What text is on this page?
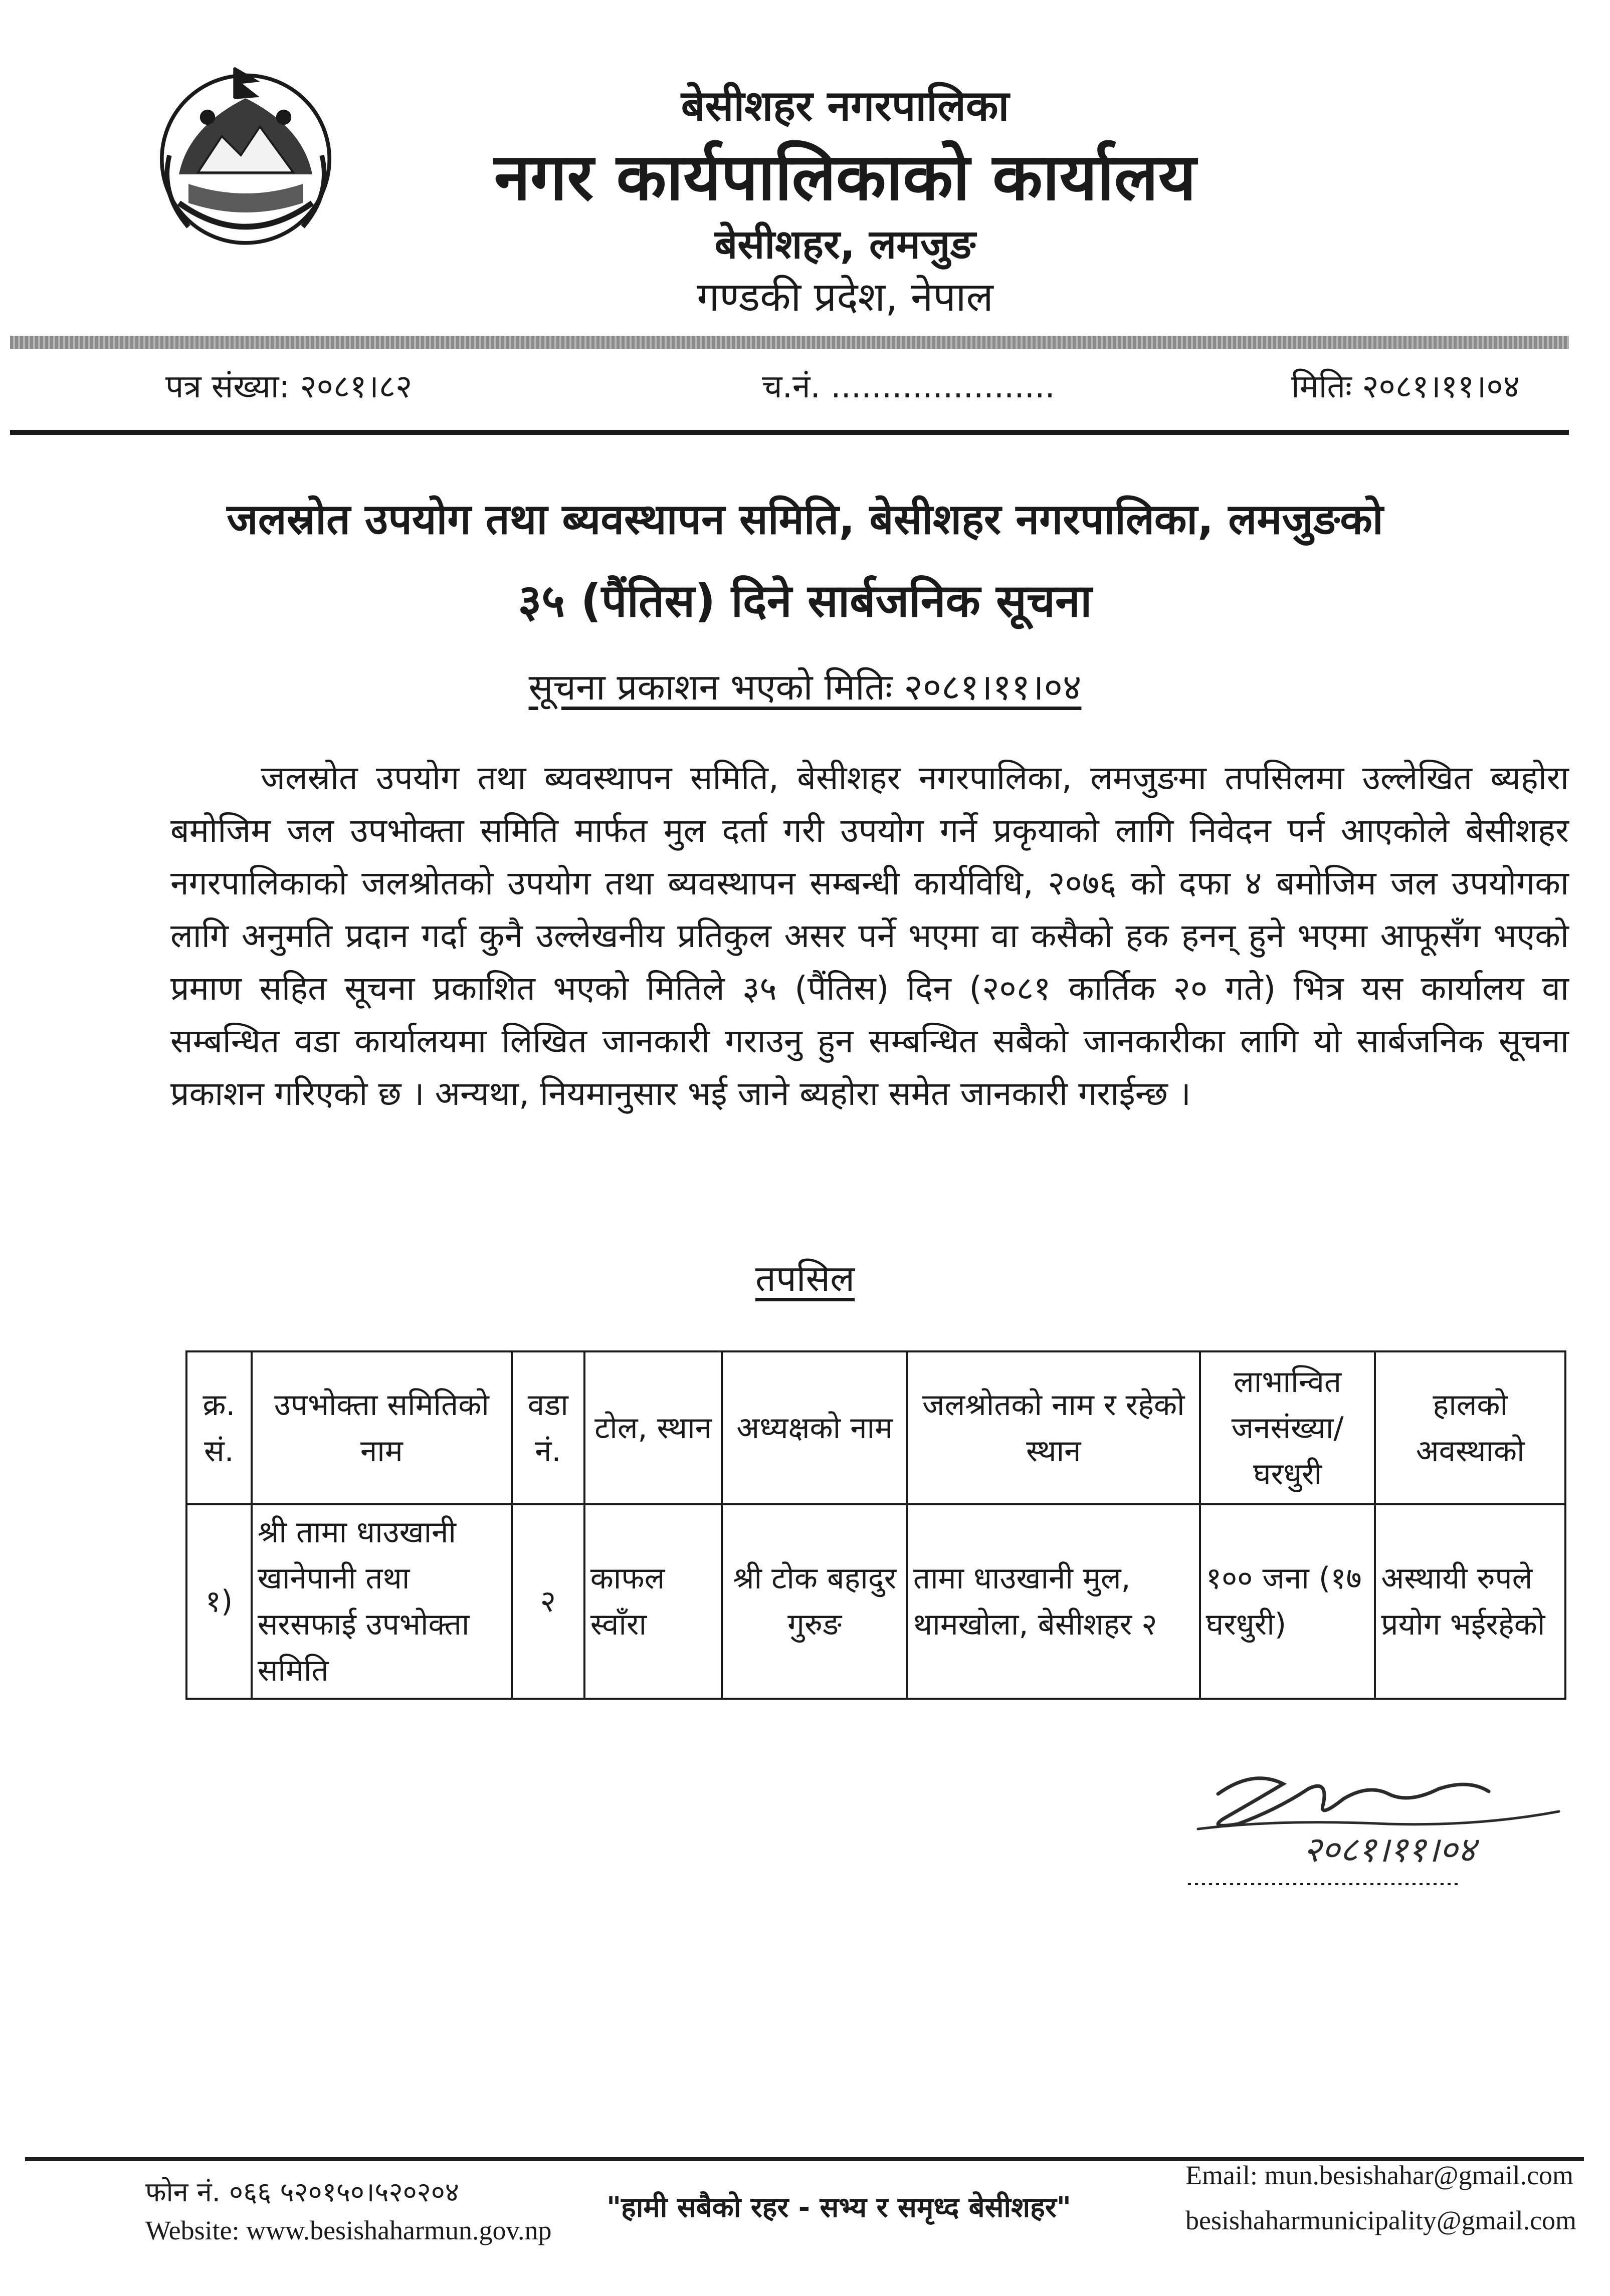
बेसीशहर नगरपालिका
नगर कार्यपालिकाको कार्यालय
बेसीशहर, लमजुङ
गण्डकी प्रदेश, नेपाल
पत्र संख्या: २०८१।८२	च.नं. ......................	मितिः २०८१।११।०४
जलस्रोत उपयोग तथा ब्यवस्थापन समिति, बेसीशहर नगरपालिका, लमजुङको
३५ (पैंतिस) दिने सार्बजनिक सूचना
सूचना प्रकाशन भएको मितिः २०८१।११।०४

जलस्रोत उपयोग तथा ब्यवस्थापन समिति, बेसीशहर नगरपालिका, लमजुङमा तपसिलमा उल्लेखित ब्यहोरा बमोजिम जल उपभोक्ता समिति मार्फत मुल दर्ता गरी उपयोग गर्ने प्रकृयाको लागि निवेदन पर्न आएकोले बेसीशहर नगरपालिकाको जलश्रोतको उपयोग तथा ब्यवस्थापन सम्बन्धी कार्यविधि, २०७६ को दफा ४ बमोजिम जल उपयोगका लागि अनुमति प्रदान गर्दा कुनै उल्लेखनीय प्रतिकुल असर पर्ने भएमा वा कसैको हक हनन् हुने भएमा आफूसँग भएको प्रमाण सहित सूचना प्रकाशित भएको मितिले ३५ (पैंतिस) दिन (२०८१ कार्तिक २० गते) भित्र यस कार्यालय वा सम्बन्धित वडा कार्यालयमा लिखित जानकारी गराउनु हुन सम्बन्धित सबैको जानकारीका लागि यो सार्बजनिक सूचना प्रकाशन गरिएको छ । अन्यथा, नियमानुसार भई जाने ब्यहोरा समेत जानकारी गराईन्छ ।

तपसिल
क्र. सं.	उपभोक्ता समितिको नाम	वडा नं.	टोल, स्थान	अध्यक्षको नाम	जलश्रोतको नाम र रहेको स्थान	लाभान्वित जनसंख्या/ घरधुरी	हालको अवस्थाको
१)	श्री तामा धाउखानी खानेपानी तथा सरसफाई उपभोक्ता समिति	२	काफल स्वाँरा	श्री टोक बहादुर गुरुङ	तामा धाउखानी मुल, थामखोला, बेसीशहर २	१०० जना (१७ घरधुरी)	अस्थायी रुपले प्रयोग भईरहेको
२०८१।११।०४
फोन नं. ०६६ ५२०१५०।५२०२०४
Website: www.besishaharmun.gov.np
"हामी सबैको रहर - सभ्य र समृध्द बेसीशहर"
Email: mun.besishahar@gmail.com
besishaharmunicipality@gmail.com
